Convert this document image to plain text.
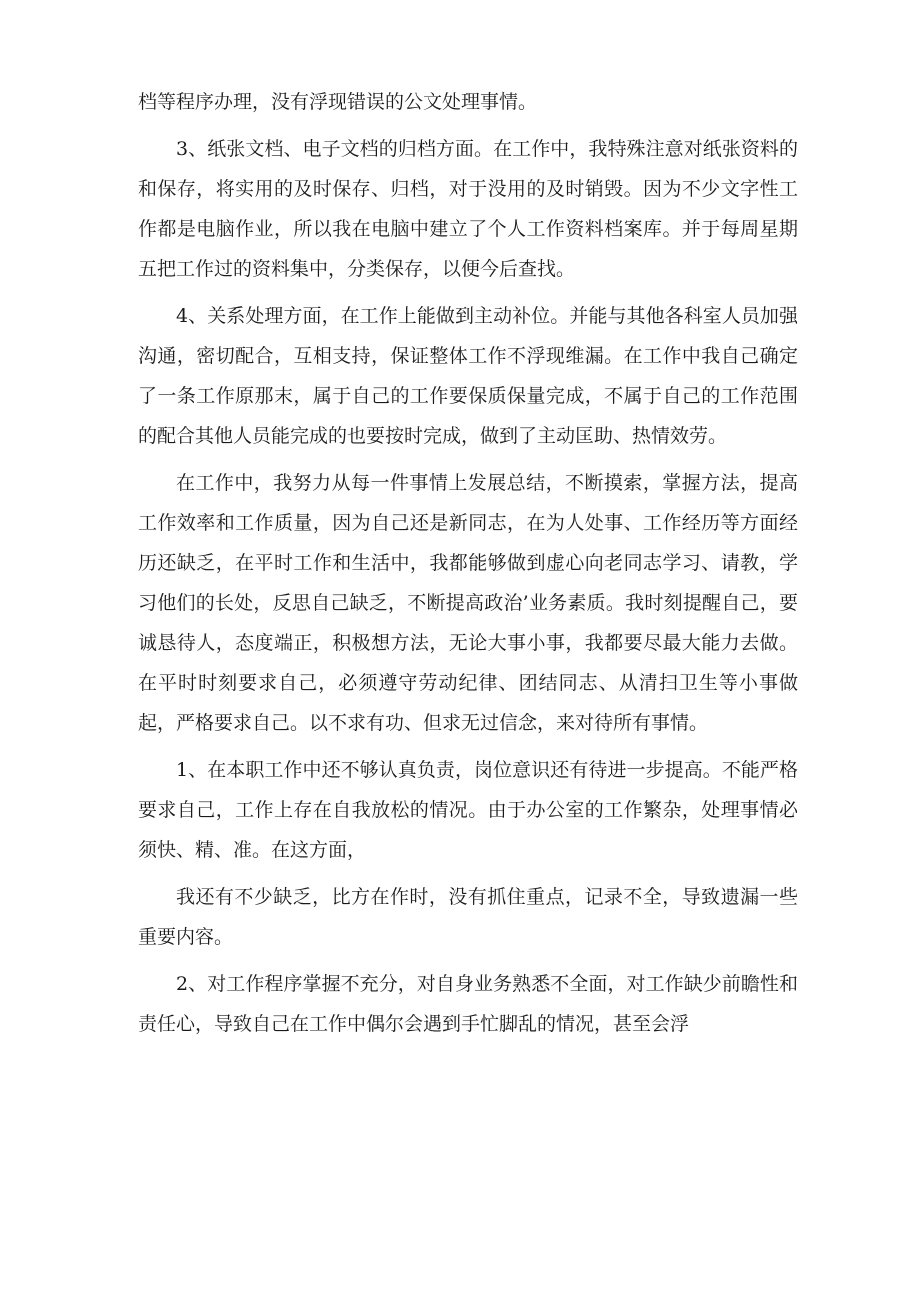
档等程序办理，没有浮现错误的公文处理事情。

3、纸张文档、电子文档的归档方面。在工作中，我特殊注意对纸张资料的和保存，将实用的及时保存、归档，对于没用的及时销毁。因为不少文字性工作都是电脑作业，所以我在电脑中建立了个人工作资料档案库。并于每周星期五把工作过的资料集中，分类保存，以便今后查找。

4、关系处理方面，在工作上能做到主动补位。并能与其他各科室人员加强沟通，密切配合，互相支持，保证整体工作不浮现维漏。在工作中我自己确定了一条工作原那末，属于自己的工作要保质保量完成，不属于自己的工作范围的配合其他人员能完成的也要按时完成，做到了主动匡助、热情效劳。

在工作中，我努力从每一件事情上发展总结，不断摸索，掌握方法，提高工作效率和工作质量，因为自己还是新同志，在为人处事、工作经历等方面经历还缺乏，在平时工作和生活中，我都能够做到虚心向老同志学习、请教，学习他们的长处，反思自己缺乏，不断提高政治’业务素质。我时刻提醒自己，要诚恳待人，态度端正，积极想方法，无论大事小事，我都要尽最大能力去做。在平时时刻要求自己，必须遵守劳动纪律、团结同志、从清扫卫生等小事做起，严格要求自己。以不求有功、但求无过信念，来对待所有事情。

1、在本职工作中还不够认真负责，岗位意识还有待进一步提高。不能严格要求自己，工作上存在自我放松的情况。由于办公室的工作繁杂，处理事情必须快、精、准。在这方面，

我还有不少缺乏，比方在作时，没有抓住重点，记录不全，导致遗漏一些重要内容。

2、对工作程序掌握不充分，对自身业务熟悉不全面，对工作缺少前瞻性和责任心，导致自己在工作中偶尔会遇到手忙脚乱的情况，甚至会浮
